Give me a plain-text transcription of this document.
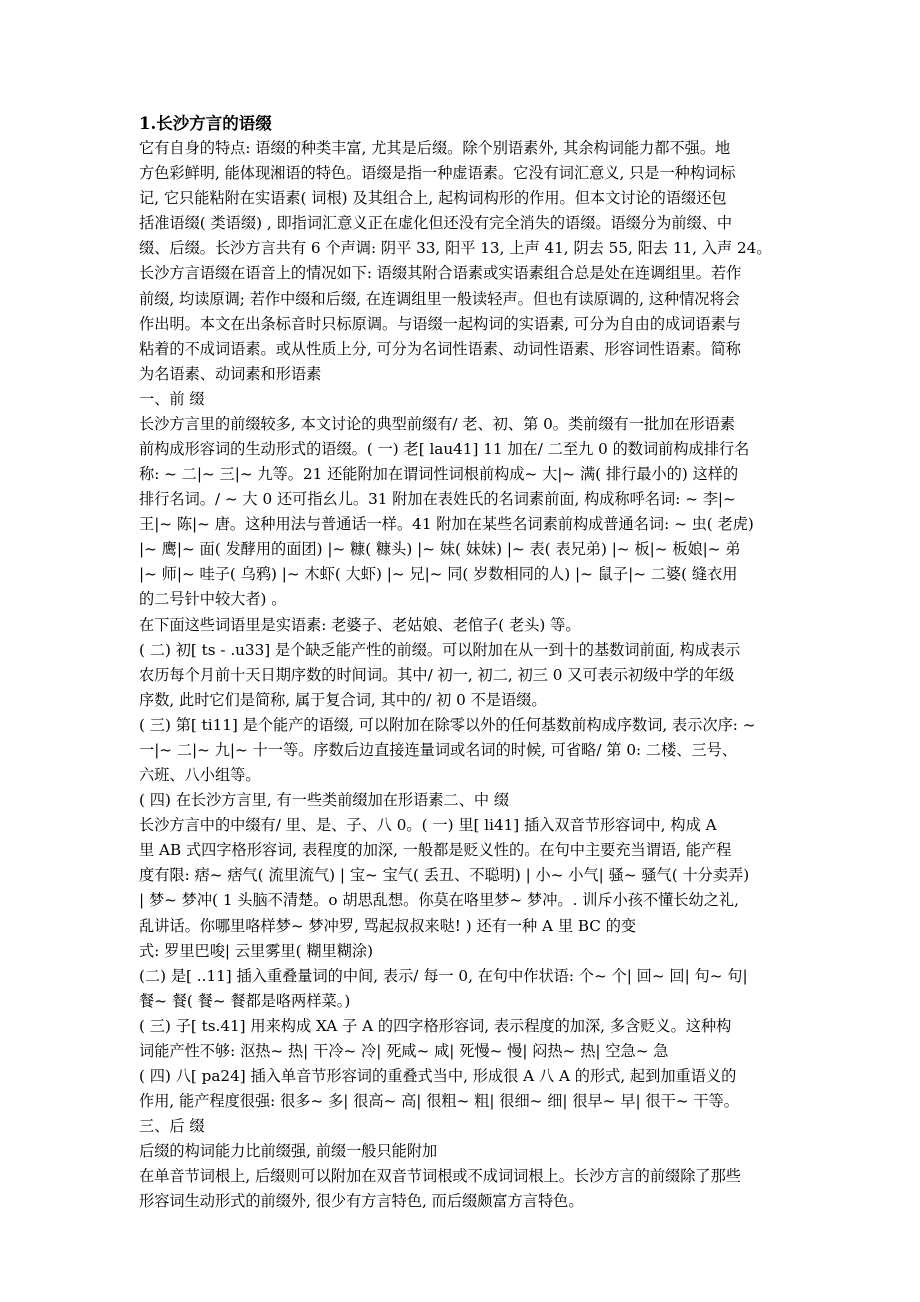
1.长沙方言的语缀

它有自身的特点: 语缀的种类丰富, 尤其是后缀。除个别语素外, 其余构词能力都不强。地

方色彩鲜明, 能体现湘语的特色。语缀是指一种虚语素。它没有词汇意义, 只是一种构词标

记, 它只能粘附在实语素( 词根) 及其组合上, 起构词构形的作用。但本文讨论的语缀还包

括准语缀( 类语缀) , 即指词汇意义正在虚化但还没有完全消失的语缀。语缀分为前缀、中

缀、后缀。长沙方言共有 6 个声调: 阴平 33, 阳平 13, 上声 41, 阴去 55, 阳去 11, 入声 24。

长沙方言语缀在语音上的情况如下: 语缀其附合语素或实语素组合总是处在连调组里。若作

前缀, 均读原调; 若作中缀和后缀, 在连调组里一般读轻声。但也有读原调的, 这种情况将会

作出明。本文在出条标音时只标原调。与语缀一起构词的实语素, 可分为自由的成词语素与

粘着的不成词语素。或从性质上分, 可分为名词性语素、动词性语素、形容词性语素。简称

为名语素、动词素和形语素

一、前 缀

长沙方言里的前缀较多, 本文讨论的典型前缀有/ 老、初、第 0。类前缀有一批加在形语素

前构成形容词的生动形式的语缀。( 一) 老[ lau41] 11 加在/ 二至九 0 的数词前构成排行名

称: ~ 二|~ 三|~ 九等。21 还能附加在谓词性词根前构成~ 大|~ 满( 排行最小的) 这样的

排行名词。/ ~ 大 0 还可指幺儿。31 附加在表姓氏的名词素前面, 构成称呼名词: ~ 李|~

王|~ 陈|~ 唐。这种用法与普通话一样。41 附加在某些名词素前构成普通名词: ~ 虫( 老虎)

|~ 鹰|~ 面( 发酵用的面团) |~ 糠( 糠头) |~ 妹( 妹妹) |~ 表( 表兄弟) |~ 板|~ 板娘|~ 弟

|~ 师|~ 哇子( 乌鸦) |~ 木虾( 大虾) |~ 兄|~ 同( 岁数相同的人) |~ 鼠子|~ 二婆( 缝衣用

的二号针中较大者) 。

在下面这些词语里是实语素: 老婆子、老姑娘、老倌子( 老头) 等。

( 二) 初[ ts - .u33] 是个缺乏能产性的前缀。可以附加在从一到十的基数词前面, 构成表示

农历每个月前十天日期序数的时间词。其中/ 初一, 初二, 初三 0 又可表示初级中学的年级

序数, 此时它们是简称, 属于复合词, 其中的/ 初 0 不是语缀。

( 三) 第[ ti11] 是个能产的语缀, 可以附加在除零以外的任何基数前构成序数词, 表示次序: ~

一|~ 二|~ 九|~ 十一等。序数后边直接连量词或名词的时候, 可省略/ 第 0: 二楼、三号、

六班、八小组等。

( 四) 在长沙方言里, 有一些类前缀加在形语素二、中 缀

长沙方言中的中缀有/ 里、是、子、八 0。( 一) 里[ li41] 插入双音节形容词中, 构成 A

里 AB 式四字格形容词, 表程度的加深, 一般都是贬义性的。在句中主要充当谓语, 能产程

度有限: 痞~ 痞气( 流里流气) | 宝~ 宝气( 丢丑、不聪明) | 小~ 小气| 骚~ 骚气( 十分卖弄)

| 梦~ 梦冲( 1 头脑不清楚。o 胡思乱想。你莫在咯里梦~ 梦冲。. 训斥小孩不懂长幼之礼,

乱讲话。你哪里咯样梦~ 梦冲罗, 骂起叔叔来哒! ) 还有一种 A 里 BC 的变

式: 罗里巴唆| 云里雾里( 糊里糊涂)

(二) 是[ ..11] 插入重叠量词的中间, 表示/ 每一 0, 在句中作状语: 个~ 个| 回~ 回| 句~ 句|

餐~ 餐( 餐~ 餐都是咯两样菜。)

( 三) 子[ ts.41] 用来构成 XA 子 A 的四字格形容词, 表示程度的加深, 多含贬义。这种构

词能产性不够: 沤热~ 热| 干冷~ 冷| 死咸~ 咸| 死慢~ 慢| 闷热~ 热| 空急~ 急

( 四) 八[ pa24] 插入单音节形容词的重叠式当中, 形成很 A 八 A 的形式, 起到加重语义的

作用, 能产程度很强: 很多~ 多| 很高~ 高| 很粗~ 粗| 很细~ 细| 很早~ 早| 很干~ 干等。

三、后 缀

后缀的构词能力比前缀强, 前缀一般只能附加

在单音节词根上, 后缀则可以附加在双音节词根或不成词词根上。长沙方言的前缀除了那些

形容词生动形式的前缀外, 很少有方言特色, 而后缀颇富方言特色。
